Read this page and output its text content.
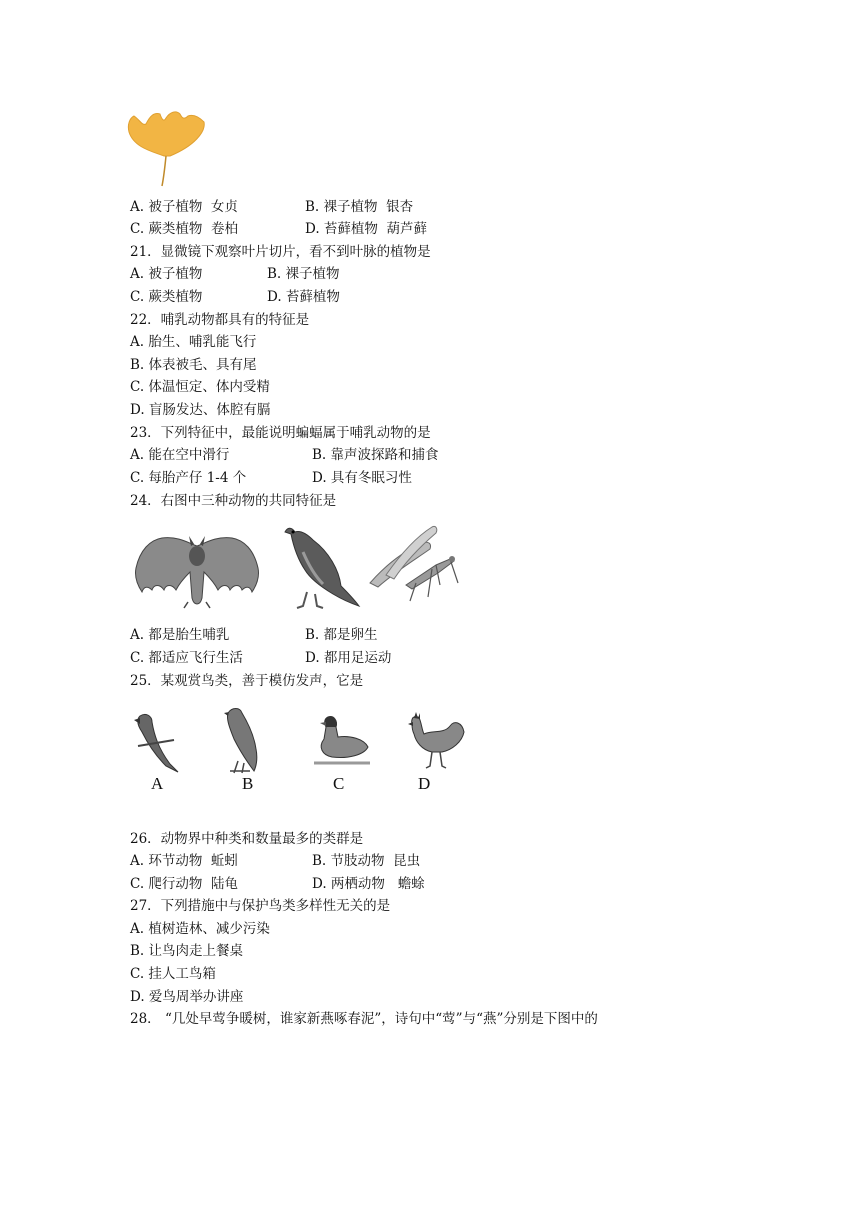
A. 被子植物  女贞	B. 裸子植物  银杏
C. 蕨类植物  卷柏	D. 苔藓植物  葫芦藓
21．显微镜下观察叶片切片，看不到叶脉的植物是
A. 被子植物	B. 裸子植物
C. 蕨类植物	D. 苔藓植物
22．哺乳动物都具有的特征是
A. 胎生、哺乳能飞行
B. 体表被毛、具有尾
C. 体温恒定、体内受精
D. 盲肠发达、体腔有膈
23．下列特征中，最能说明蝙蝠属于哺乳动物的是
A. 能在空中滑行	B. 靠声波探路和捕食
C. 每胎产仔 1-4 个	D. 具有冬眠习性
24．右图中三种动物的共同特征是
A. 都是胎生哺乳	B. 都是卵生
C. 都适应飞行生活	D. 都用足运动
25．某观赏鸟类，善于模仿发声，它是
A	B	C	D
26．动物界中种类和数量最多的类群是
A. 环节动物  蚯蚓	B. 节肢动物  昆虫
C. 爬行动物  陆龟	D. 两栖动物   蟾蜍
27．下列措施中与保护鸟类多样性无关的是
A. 植树造林、减少污染
B. 让鸟肉走上餐桌
C. 挂人工鸟箱
D. 爱鸟周举办讲座
28． “几处早莺争暖树，谁家新燕啄春泥”，诗句中“莺”与“燕”分别是下图中的
